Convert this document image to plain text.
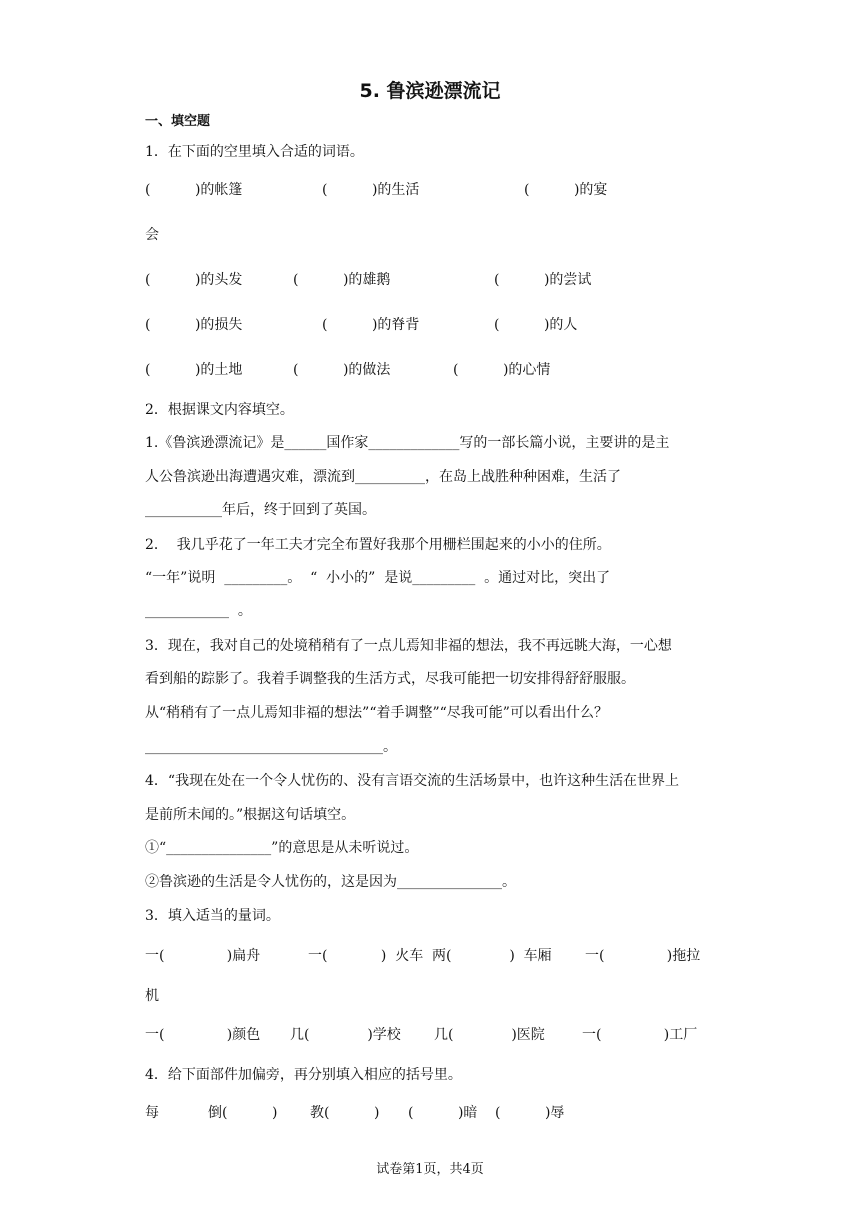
5. 鲁滨逊漂流记
一、填空题
1．在下面的空里填入合适的词语。
(          )的帐篷	(          )的生活	(          )的宴
会
(          )的头发	(          )的雄鹅	(          )的尝试
(          )的损失	(          )的脊背	(          )的人
(          )的土地	(          )的做法	(          )的心情
2．根据课文内容填空。
1.《鲁滨逊漂流记》是______国作家_____________写的一部长篇小说，主要讲的是主
人公鲁滨逊出海遭遇灾难，漂流到__________，在岛上战胜种种困难，生活了
___________年后，终于回到了英国。
2．  我几乎花了一年工夫才完全布置好我那个用栅栏围起来的小小的住所。
“一年”说明  _________。  “  小小的”  是说_________  。通过对比，突出了
____________  。
3．现在，我对自己的处境稍稍有了一点儿焉知非福的想法，我不再远眺大海，一心想
看到船的踪影了。我着手调整我的生活方式，尽我可能把一切安排得舒舒服服。
从“稍稍有了一点儿焉知非福的想法”“着手调整”“尽我可能”可以看出什么？
__________________________________。
4．“我现在处在一个令人忧伤的、没有言语交流的生活场景中，也许这种生活在世界上
是前所未闻的。”根据这句话填空。
①“_______________”的意思是从未听说过。
②鲁滨逊的生活是令人忧伤的，这是因为_______________。
3．填入适当的量词。
一(              )扁舟	一(            )  火车 两(             )  车厢 一(              )拖拉
机
一(              )颜色 几(             )学校 几(             )医院	一(              )工厂
4．给下面部件加偏旁，再分别填入相应的括号里。
每	倒(          ) 教(          ) (          )暗 (          )辱
试卷第1页，共4页
